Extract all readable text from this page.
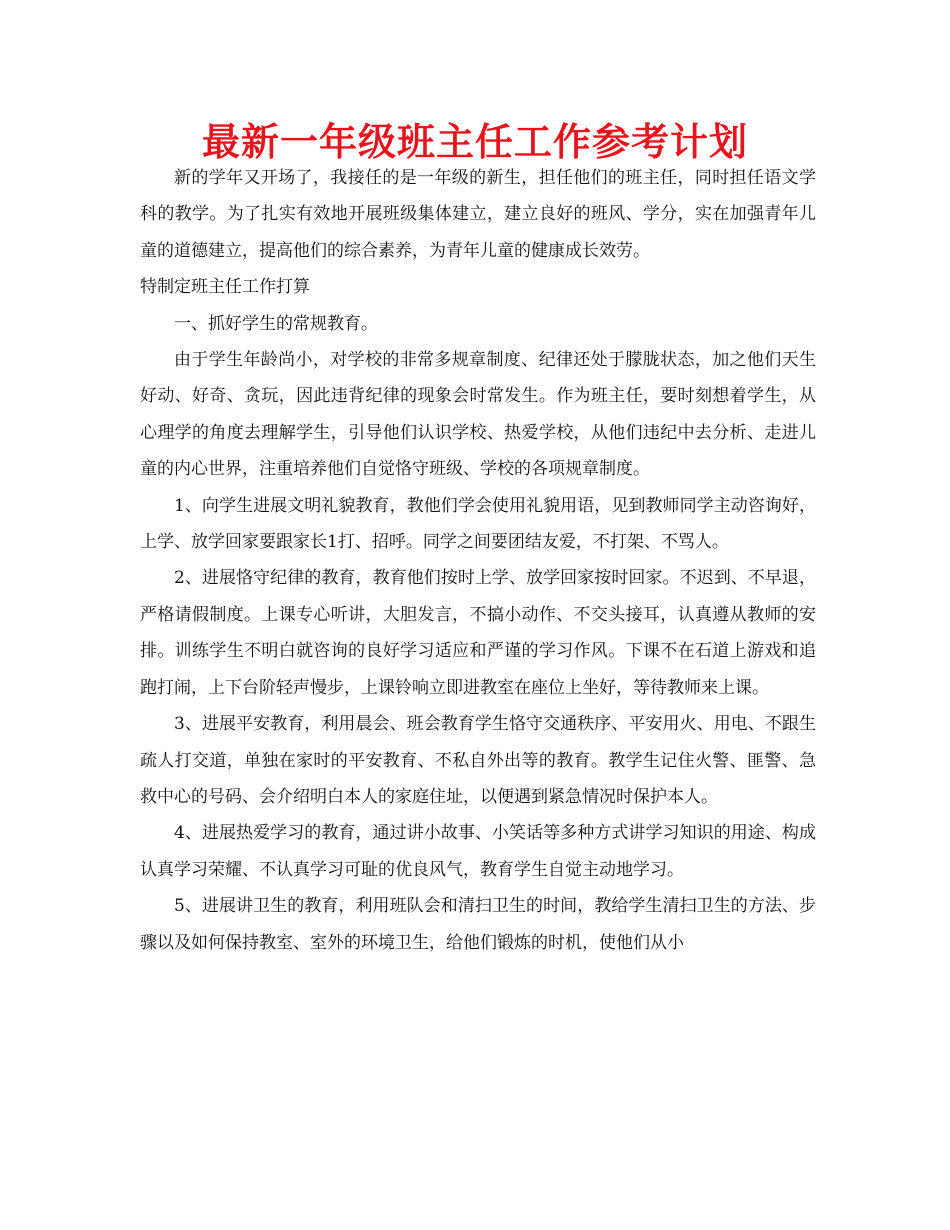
最新一年级班主任工作参考计划

新的学年又开场了，我接任的是一年级的新生，担任他们的班主任，同时担任语文学科的教学。为了扎实有效地开展班级集体建立，建立良好的班风、学分，实在加强青年儿童的道德建立，提高他们的综合素养，为青年儿童的健康成长效劳。

特制定班主任工作打算

一、抓好学生的常规教育。

由于学生年龄尚小，对学校的非常多规章制度、纪律还处于朦胧状态，加之他们天生好动、好奇、贪玩，因此违背纪律的现象会时常发生。作为班主任，要时刻想着学生，从心理学的角度去理解学生，引导他们认识学校、热爱学校，从他们违纪中去分析、走进儿童的内心世界，注重培养他们自觉恪守班级、学校的各项规章制度。

1、向学生进展文明礼貌教育，教他们学会使用礼貌用语，见到教师同学主动咨询好，上学、放学回家要跟家长1打、招呼。同学之间要团结友爱，不打架、不骂人。

2、进展恪守纪律的教育，教育他们按时上学、放学回家按时回家。不迟到、不早退，严格请假制度。上课专心听讲，大胆发言，不搞小动作、不交头接耳，认真遵从教师的安排。训练学生不明白就咨询的良好学习适应和严谨的学习作风。下课不在石道上游戏和追跑打闹，上下台阶轻声慢步，上课铃响立即进教室在座位上坐好，等待教师来上课。

3、进展平安教育，利用晨会、班会教育学生恪守交通秩序、平安用火、用电、不跟生疏人打交道，单独在家时的平安教育、不私自外出等的教育。教学生记住火警、匪警、急救中心的号码、会介绍明白本人的家庭住址，以便遇到紧急情况时保护本人。

4、进展热爱学习的教育，通过讲小故事、小笑话等多种方式讲学习知识的用途、构成认真学习荣耀、不认真学习可耻的优良风气，教育学生自觉主动地学习。

5、进展讲卫生的教育，利用班队会和清扫卫生的时间，教给学生清扫卫生的方法、步骤以及如何保持教室、室外的环境卫生，给他们锻炼的时机，使他们从小
